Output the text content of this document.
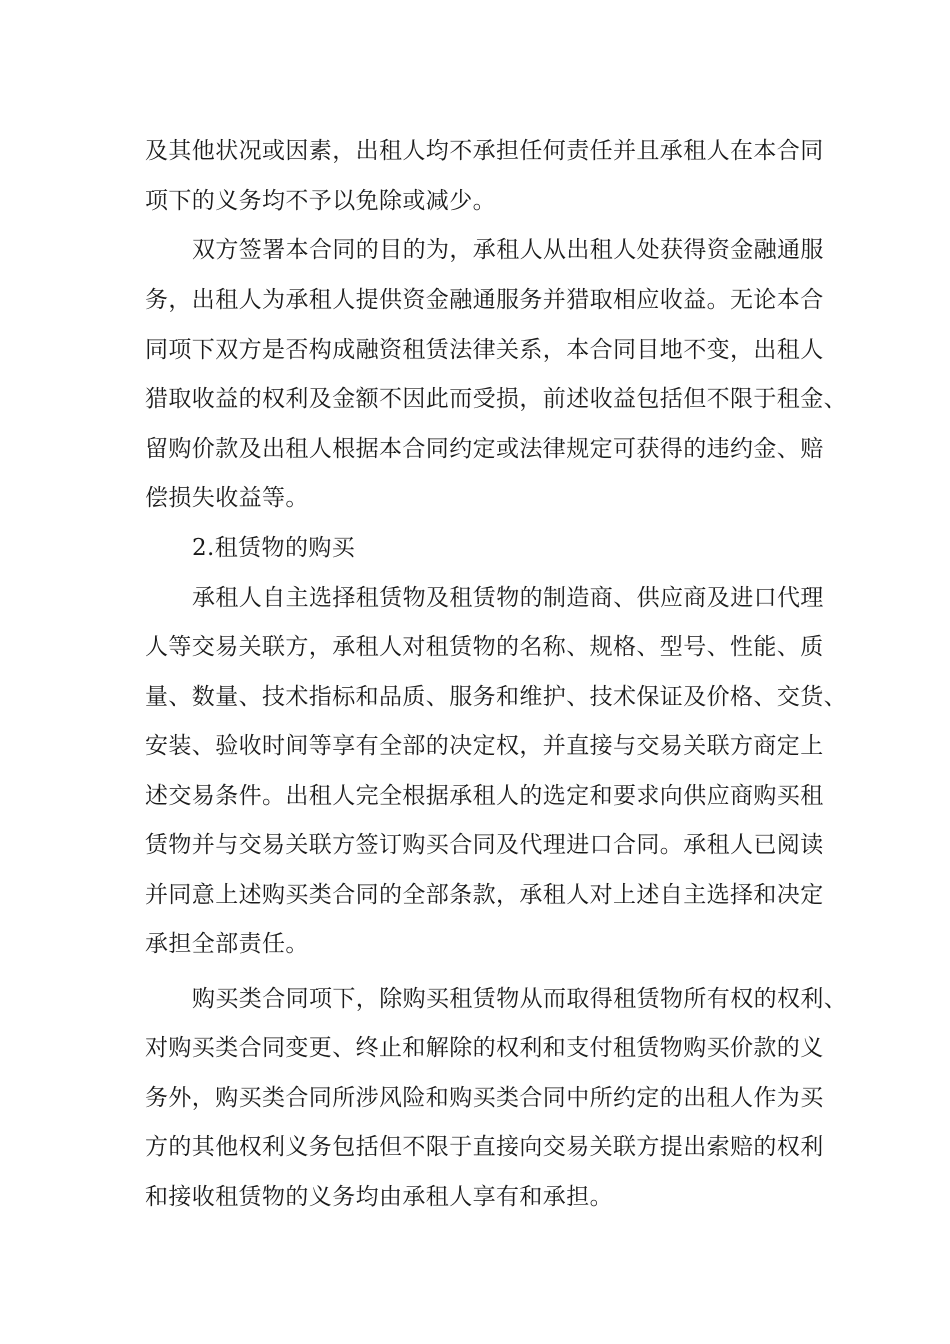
及其他状况或因素，出租人均不承担任何责任并且承租人在本合同
项下的义务均不予以免除或减少。
双方签署本合同的目的为，承租人从出租人处获得资金融通服
务，出租人为承租人提供资金融通服务并猎取相应收益。无论本合
同项下双方是否构成融资租赁法律关系，本合同目地不变，出租人
猎取收益的权利及金额不因此而受损，前述收益包括但不限于租金、
留购价款及出租人根据本合同约定或法律规定可获得的违约金、赔
偿损失收益等。
2.租赁物的购买
承租人自主选择租赁物及租赁物的制造商、供应商及进口代理
人等交易关联方，承租人对租赁物的名称、规格、型号、性能、质
量、数量、技术指标和品质、服务和维护、技术保证及价格、交货、
安装、验收时间等享有全部的决定权，并直接与交易关联方商定上
述交易条件。出租人完全根据承租人的选定和要求向供应商购买租
赁物并与交易关联方签订购买合同及代理进口合同。承租人已阅读
并同意上述购买类合同的全部条款，承租人对上述自主选择和决定
承担全部责任。
购买类合同项下，除购买租赁物从而取得租赁物所有权的权利、
对购买类合同变更、终止和解除的权利和支付租赁物购买价款的义
务外，购买类合同所涉风险和购买类合同中所约定的出租人作为买
方的其他权利义务包括但不限于直接向交易关联方提出索赔的权利
和接收租赁物的义务均由承租人享有和承担。
